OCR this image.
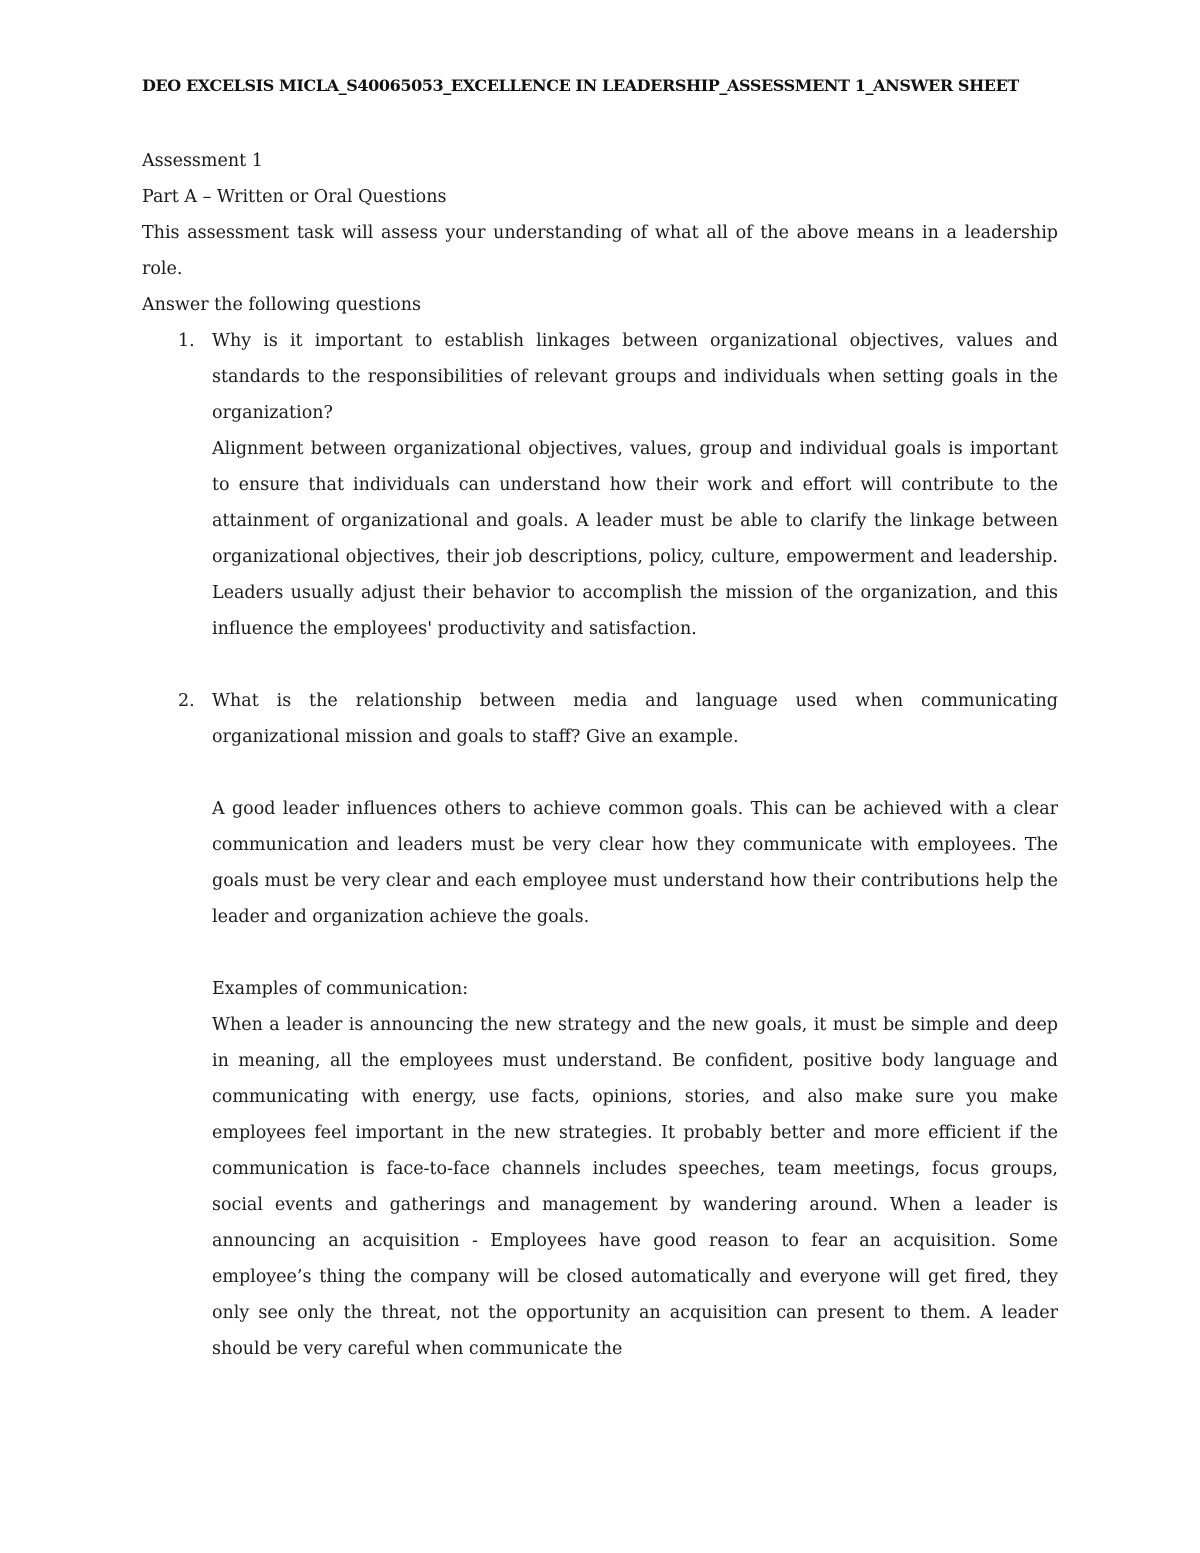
DEO EXCELSIS MICLA_S40065053_EXCELLENCE IN LEADERSHIP_ASSESSMENT 1_ANSWER SHEET

Assessment 1

Part A – Written or Oral Questions

This assessment task will assess your understanding of what all of the above means in a leadership role.

Answer the following questions

1. Why is it important to establish linkages between organizational objectives, values and standards to the responsibilities of relevant groups and individuals when setting goals in the organization?

Alignment between organizational objectives, values, group and individual goals is important to ensure that individuals can understand how their work and effort will contribute to the attainment of organizational and goals. A leader must be able to clarify the linkage between organizational objectives, their job descriptions, policy, culture, empowerment and leadership. Leaders usually adjust their behavior to accomplish the mission of the organization, and this influence the employees' productivity and satisfaction.

2. What is the relationship between media and language used when communicating organizational mission and goals to staff? Give an example.

A good leader influences others to achieve common goals. This can be achieved with a clear communication and leaders must be very clear how they communicate with employees. The goals must be very clear and each employee must understand how their contributions help the leader and organization achieve the goals.

Examples of communication:

When a leader is announcing the new strategy and the new goals, it must be simple and deep in meaning, all the employees must understand. Be confident, positive body language and communicating with energy, use facts, opinions, stories, and also make sure you make employees feel important in the new strategies. It probably better and more efficient if the communication is face-to-face channels includes speeches, team meetings, focus groups, social events and gatherings and management by wandering around. When a leader is announcing an acquisition - Employees have good reason to fear an acquisition. Some employee’s thing the company will be closed automatically and everyone will get fired, they only see only the threat, not the opportunity an acquisition can present to them. A leader should be very careful when communicate the
